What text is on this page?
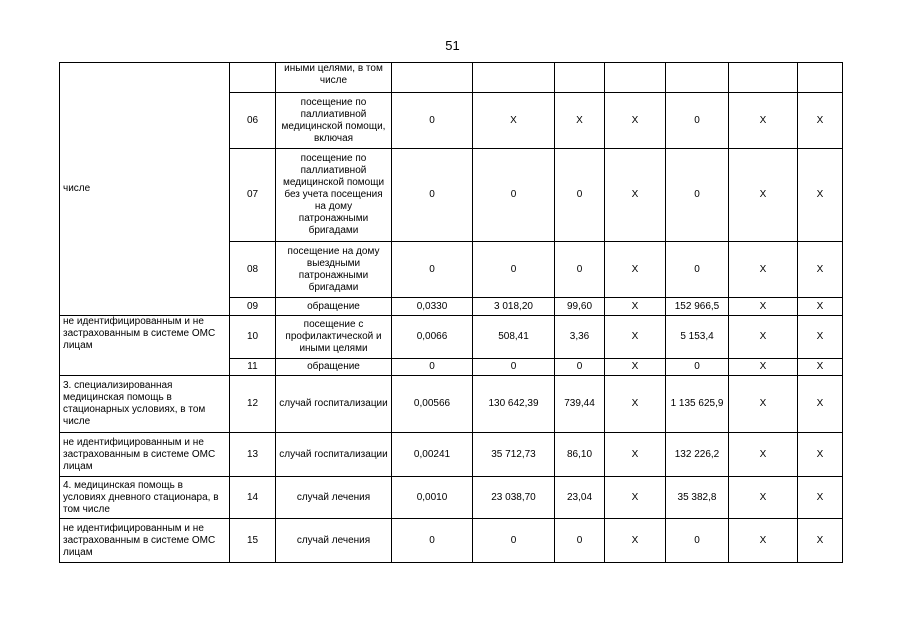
51
числе		иными целями, в том числе							
	06	посещение по паллиативной медицинской помощи, включая	0	X	X	X	0	X	X
	07	посещение по паллиативной медицинской помощи без учета посещения на дому патронажными бригадами	0	0	0	X	0	X	X
	08	посещение на дому выездными патронажными бригадами	0	0	0	X	0	X	X
	09	обращение	0,0330	3 018,20	99,60	X	152 966,5	X	X
не идентифицированным и не застрахованным в системе ОМС лицам	10	посещение с профилактической и иными целями	0,0066	508,41	3,36	X	5 153,4	X	X
	11	обращение	0	0	0	X	0	X	X
3. специализированная медицинская помощь в стационарных условиях, в том числе	12	случай госпитализации	0,00566	130 642,39	739,44	X	1 135 625,9	X	X
не идентифицированным и не застрахованным в системе ОМС лицам	13	случай госпитализации	0,00241	35 712,73	86,10	X	132 226,2	X	X
4. медицинская помощь в условиях дневного стационара, в том числе	14	случай лечения	0,0010	23 038,70	23,04	X	35 382,8	X	X
не идентифицированным и не застрахованным в системе ОМС лицам	15	случай лечения	0	0	0	X	0	X	X
